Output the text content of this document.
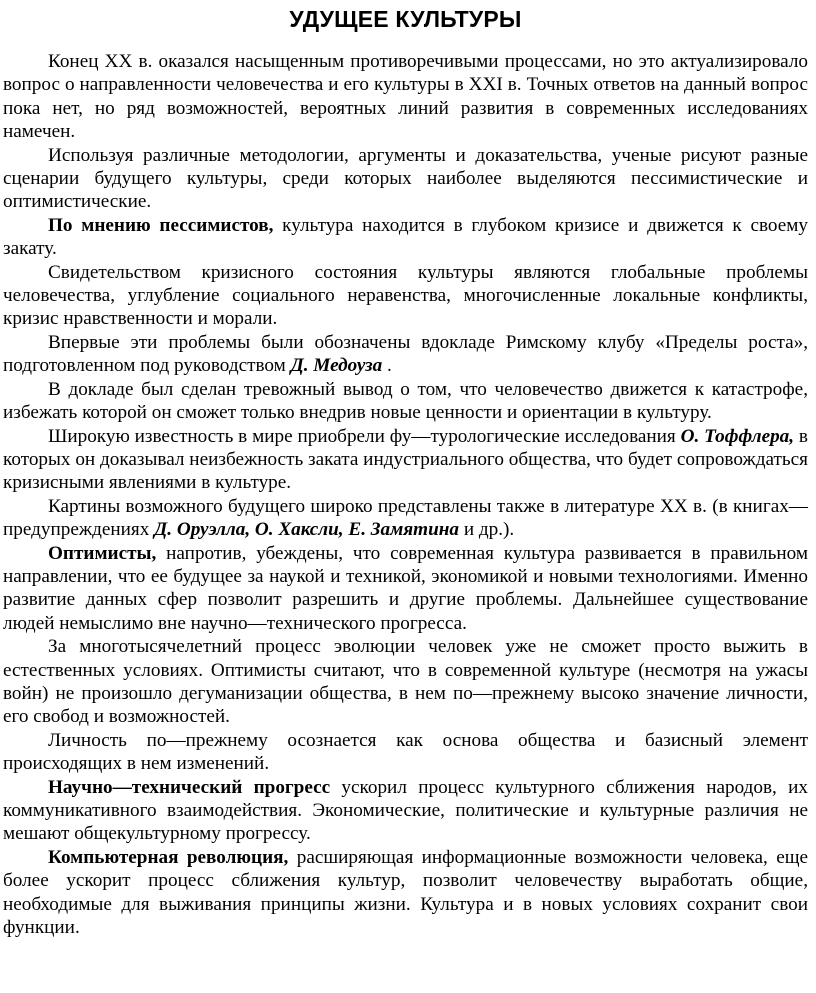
УДУЩЕЕ КУЛЬТУРЫ

Конец XX в. оказался насыщенным противоречивыми процессами, но это актуализировало вопрос о направленности человечества и его культуры в XXI в. Точных ответов на данный вопрос пока нет, но ряд возможностей, вероятных линий развития в современных исследованиях намечен.

Используя различные методологии, аргументы и доказательства, ученые рисуют разные сценарии будущего культуры, среди которых наиболее выделяются пессимистические и оптимистические.

По мнению пессимистов, культура находится в глубоком кризисе и движется к своему закату.

Свидетельством кризисного состояния культуры являются глобальные проблемы человечества, углубление социального неравенства, многочисленные локальные конфликты, кризис нравственности и морали.

Впервые эти проблемы были обозначены вдокладе Римскому клубу «Пределы роста», подготовленном под руководством Д. Медоуза .

В докладе был сделан тревожный вывод о том, что человечество движется к катастрофе, избежать которой он сможет только внедрив новые ценности и ориентации в культуру.

Широкую известность в мире приобрели фу—турологические исследования О. Тоффлера, в которых он доказывал неизбежность заката индустриального общества, что будет сопровождаться кризисными явлениями в культуре.

Картины возможного будущего широко представлены также в литературе XX в. (в книгах—предупреждениях Д. Оруэлла, О. Хаксли, Е. Замятина и др.).

Оптимисты, напротив, убеждены, что современная культура развивается в правильном направлении, что ее будущее за наукой и техникой, экономикой и новыми технологиями. Именно развитие данных сфер позволит разрешить и другие проблемы. Дальнейшее существование людей немыслимо вне научно—технического прогресса.

За многотысячелетний процесс эволюции человек уже не сможет просто выжить в естественных условиях. Оптимисты считают, что в современной культуре (несмотря на ужасы войн) не произошло дегуманизации общества, в нем по—прежнему высоко значение личности, его свобод и возможностей.

Личность по—прежнему осознается как основа общества и базисный элемент происходящих в нем изменений.

Научно—технический прогресс ускорил процесс культурного сближения народов, их коммуникативного взаимодействия. Экономические, политические и культурные различия не мешают общекультурному прогрессу.

Компьютерная революция, расширяющая информационные возможности человека, еще более ускорит процесс сближения культур, позволит человечеству выработать общие, необходимые для выживания принципы жизни. Культура и в новых условиях сохранит свои функции.
